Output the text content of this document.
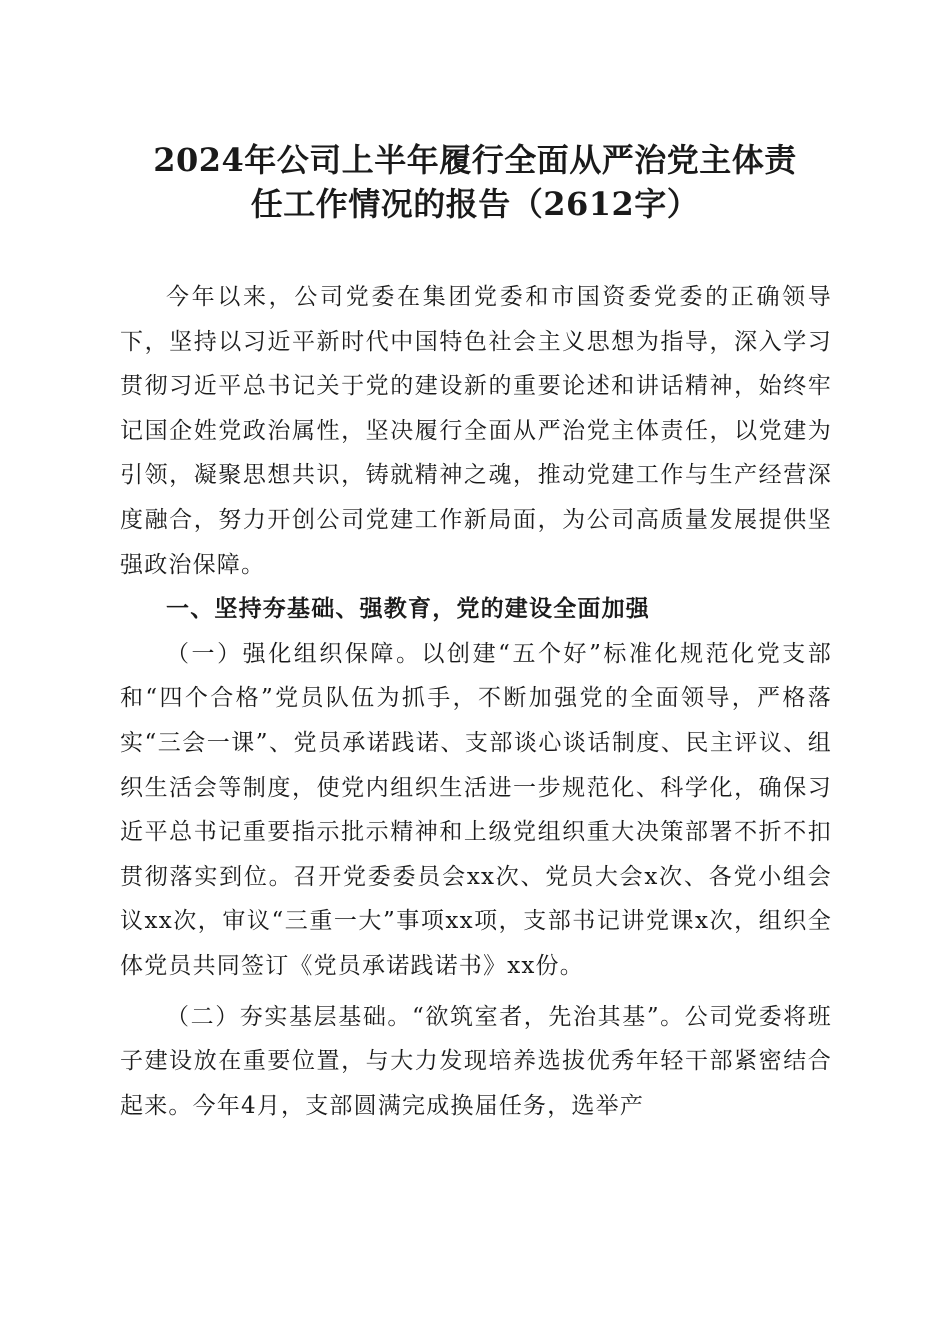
2024年公司上半年履行全面从严治党主体责
任工作情况的报告（2612字）

今年以来，公司党委在集团党委和市国资委党委的正确领导下，坚持以习近平新时代中国特色社会主义思想为指导，深入学习贯彻习近平总书记关于党的建设新的重要论述和讲话精神，始终牢记国企姓党政治属性，坚决履行全面从严治党主体责任，以党建为引领，凝聚思想共识，铸就精神之魂，推动党建工作与生产经营深度融合，努力开创公司党建工作新局面，为公司高质量发展提供坚强政治保障。

一、坚持夯基础、强教育，党的建设全面加强

（一）强化组织保障。以创建“五个好”标准化规范化党支部和“四个合格”党员队伍为抓手，不断加强党的全面领导，严格落实“三会一课”、党员承诺践诺、支部谈心谈话制度、民主评议、组织生活会等制度，使党内组织生活进一步规范化、科学化，确保习近平总书记重要指示批示精神和上级党组织重大决策部署不折不扣贯彻落实到位。召开党委委员会xx次、党员大会x次、各党小组会议xx次，审议“三重一大”事项xx项，支部书记讲党课x次，组织全体党员共同签订《党员承诺践诺书》xx份。

（二）夯实基层基础。“欲筑室者，先治其基”。公司党委将班子建设放在重要位置，与大力发现培养选拔优秀年轻干部紧密结合起来。今年4月，支部圆满完成换届任务，选举产
